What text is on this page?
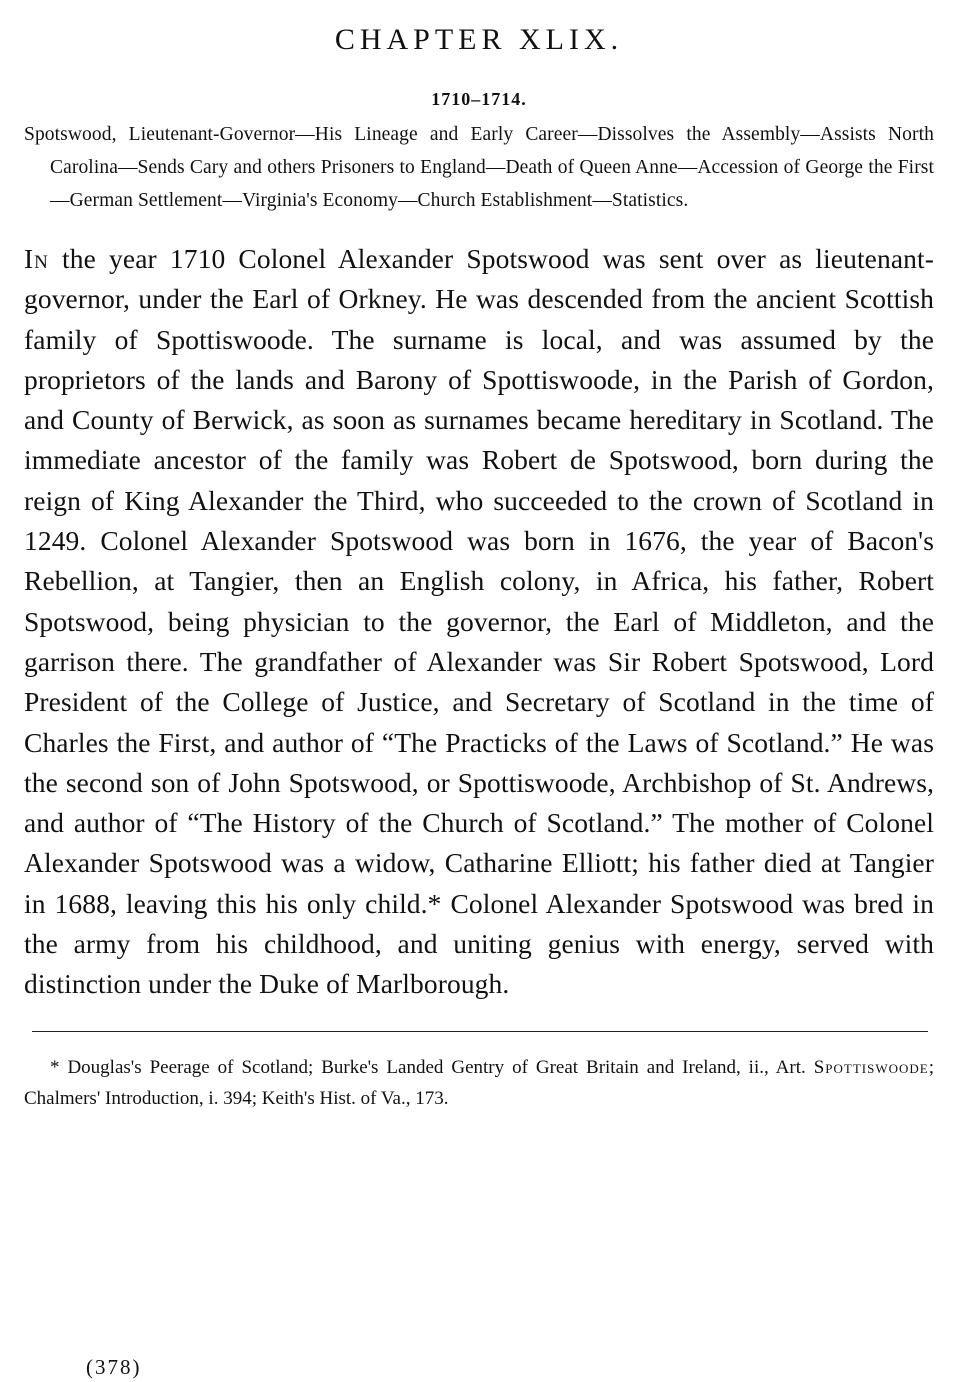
CHAPTER XLIX.
1710–1714.

Spotswood, Lieutenant-Governor—His Lineage and Early Career—Dissolves the Assembly—Assists North Carolina—Sends Cary and others Prisoners to England—Death of Queen Anne—Accession of George the First—German Settlement—Virginia's Economy—Church Establishment—Statistics.

In the year 1710 Colonel Alexander Spotswood was sent over as lieutenant-governor, under the Earl of Orkney. He was descended from the ancient Scottish family of Spottiswoode. The surname is local, and was assumed by the proprietors of the lands and Barony of Spottiswoode, in the Parish of Gordon, and County of Berwick, as soon as surnames became hereditary in Scotland. The immediate ancestor of the family was Robert de Spotswood, born during the reign of King Alexander the Third, who succeeded to the crown of Scotland in 1249. Colonel Alexander Spotswood was born in 1676, the year of Bacon's Rebellion, at Tangier, then an English colony, in Africa, his father, Robert Spotswood, being physician to the governor, the Earl of Middleton, and the garrison there. The grandfather of Alexander was Sir Robert Spotswood, Lord President of the College of Justice, and Secretary of Scotland in the time of Charles the First, and author of “The Practicks of the Laws of Scotland.” He was the second son of John Spotswood, or Spottiswoode, Archbishop of St. Andrews, and author of “The History of the Church of Scotland.” The mother of Colonel Alexander Spotswood was a widow, Catharine Elliott; his father died at Tangier in 1688, leaving this his only child.* Colonel Alexander Spotswood was bred in the army from his childhood, and uniting genius with energy, served with distinction under the Duke of Marlborough.

* Douglas's Peerage of Scotland; Burke's Landed Gentry of Great Britain and Ireland, ii., Art. Spottiswoode; Chalmers' Introduction, i. 394; Keith's Hist. of Va., 173.

(378)
